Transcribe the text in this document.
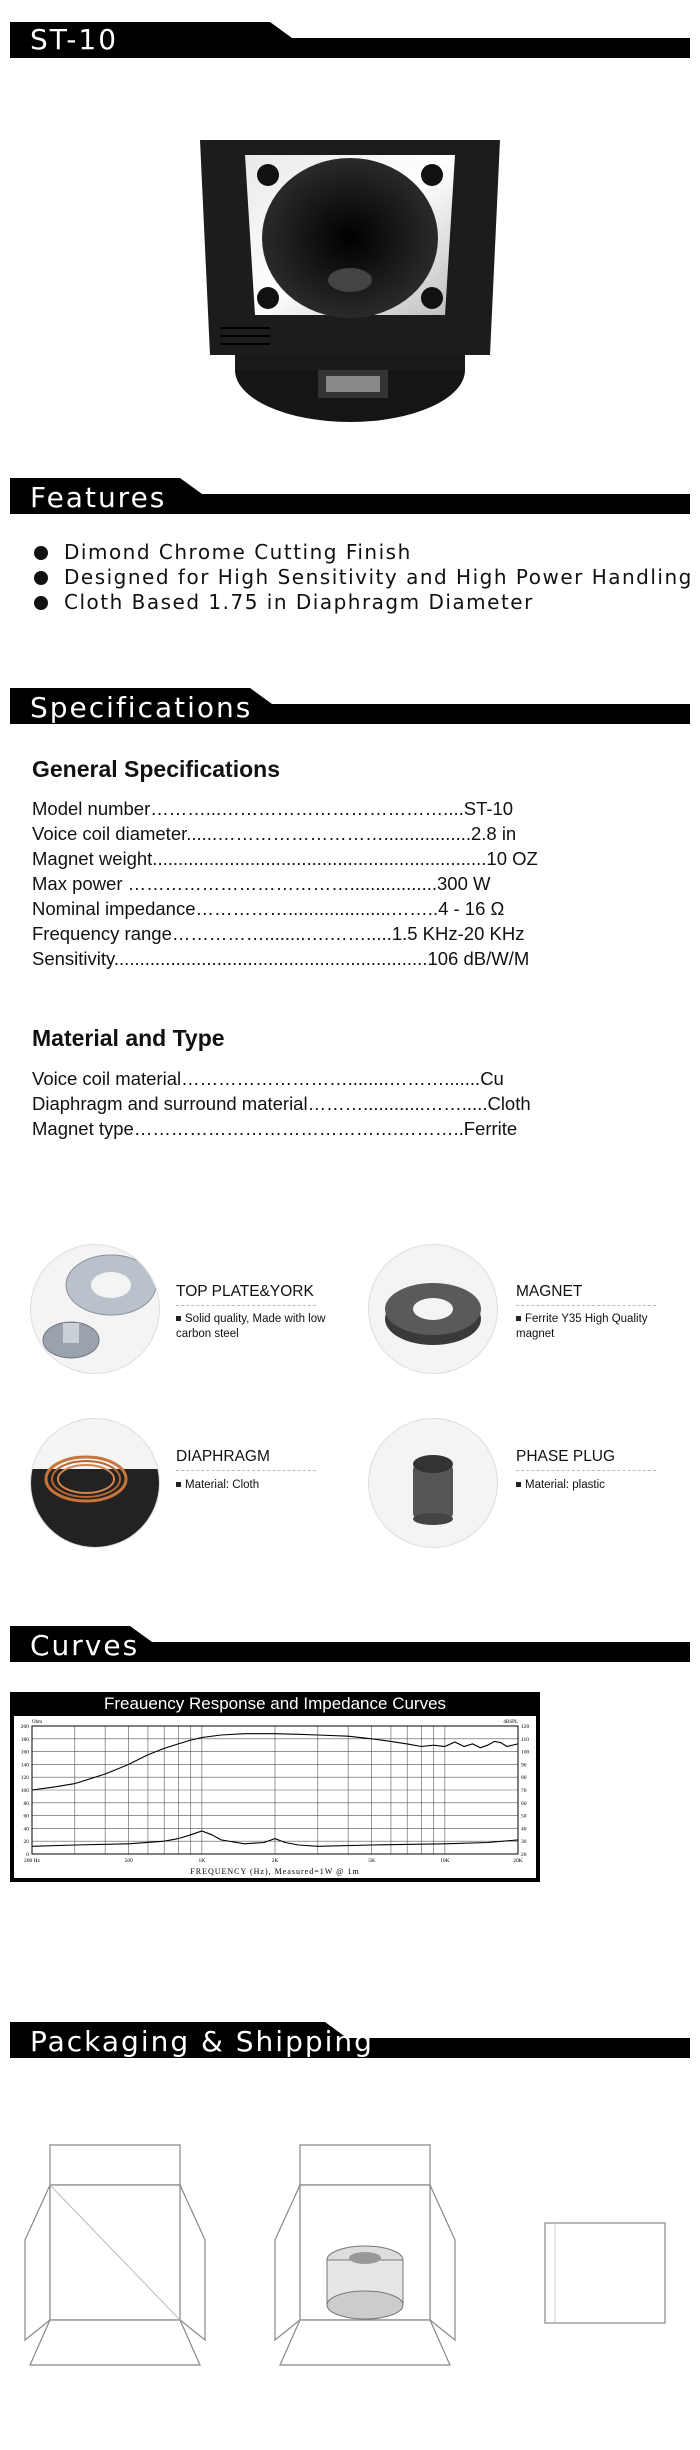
ST-10
Features
Dimond Chrome Cutting Finish
Designed for High Sensitivity and High Power Handling
Cloth Based 1.75 in Diaphragm Diameter
Specifications
General Specifications
Model number………...………………………………....ST-10
Voice coil diameter......……………………….................2.8 in
Magnet weight.................................................................10 OZ
Max power ……………………………….................300 W
Nominal impedance……………....................……..4 - 16 Ω
Frequency range……………........….…….....1.5 KHz-20 KHz
Sensitivity.............................................................106 dB/W/M
Material and Type
Voice coil material………………………........……….......Cu
Diaphragm and surround material………............…….....Cloth
Magnet type…………………………………….………..Ferrite
TOP PLATE&YORK
Solid quality, Made with low carbon steel
MAGNET
Ferrite Y35 High Quality magnet
DIAPHRAGM
Material: Cloth
PHASE PLUG
Material: plastic
Curves
Freauency Response and Impedance Curves
200
180
160
140
120
100
80
60
40
20
0
120
110
100
90
80
70
60
50
40
30
20
200 Hz	500	1K	2K	5K	10K	20K
Ohm	dBSPL
FREQUENCY (Hz), Measured=1W @ 1m
Packaging & Shipping
